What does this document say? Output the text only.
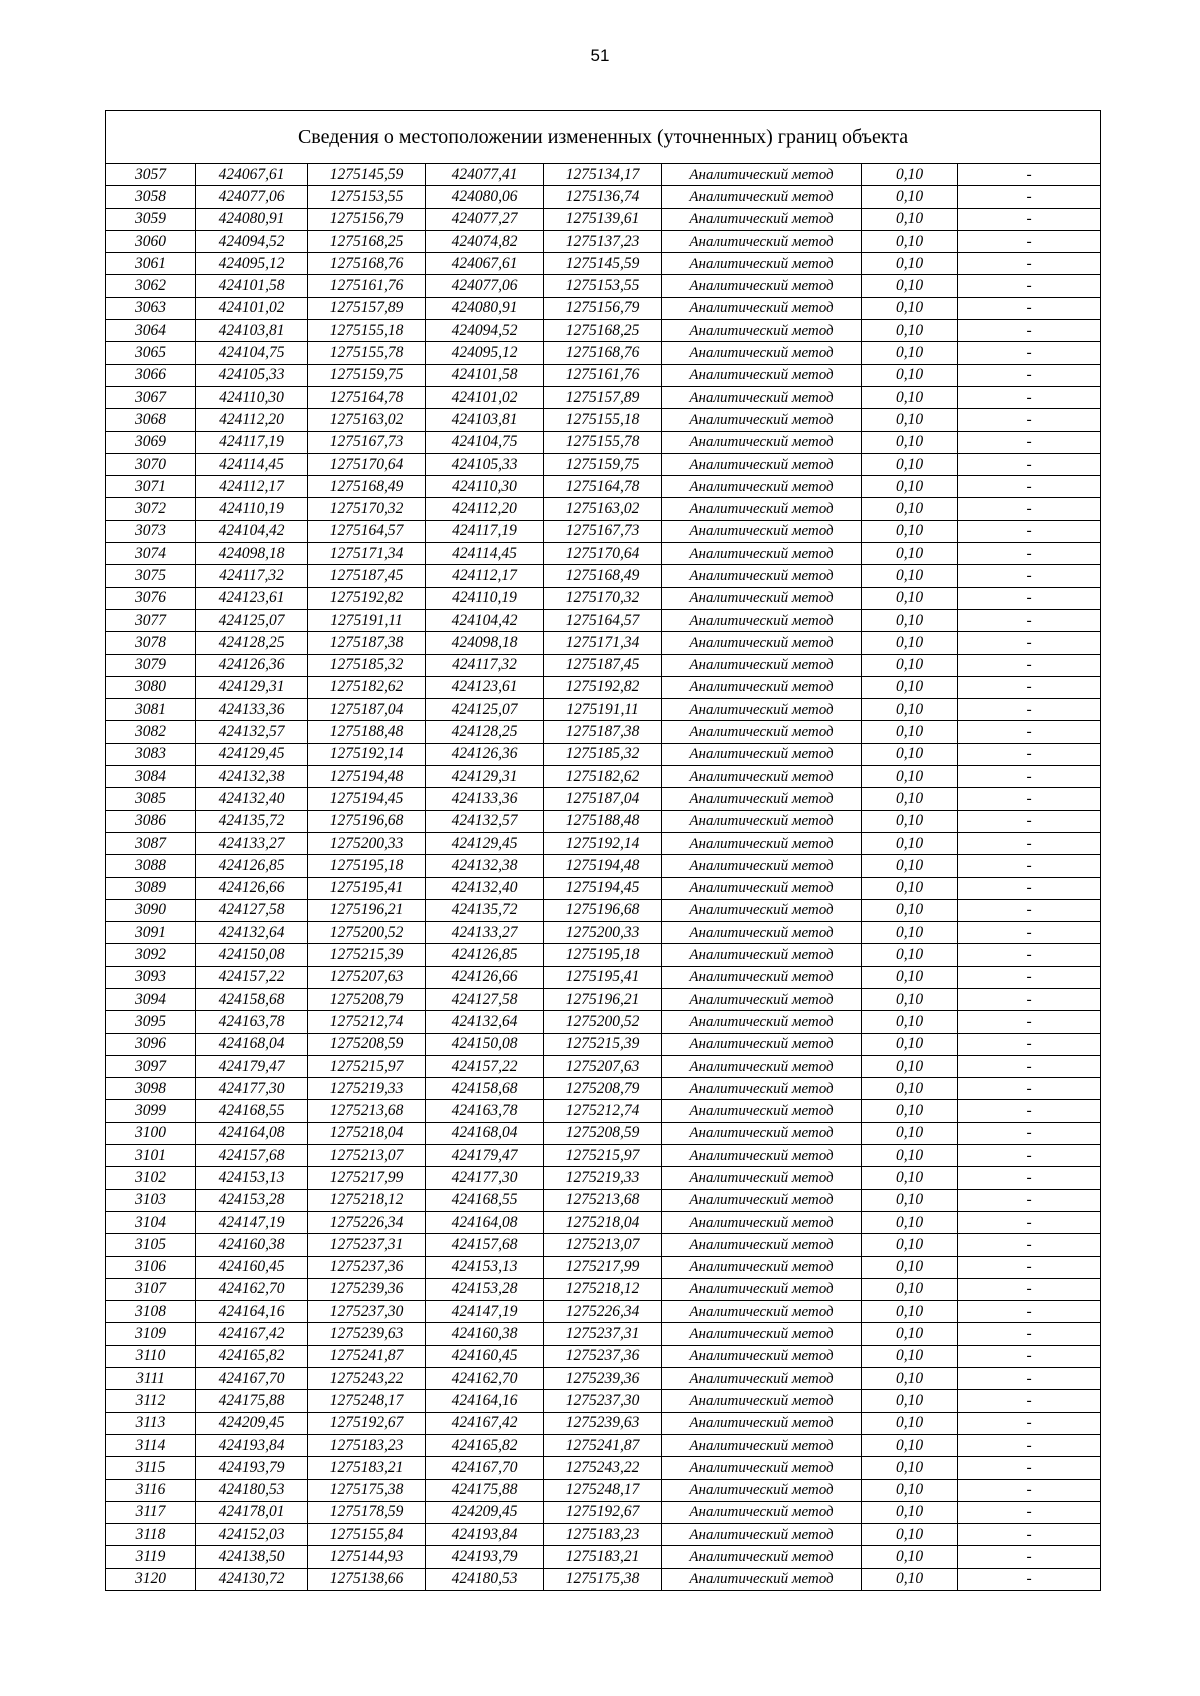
51
Сведения о местоположении измененных (уточненных) границ объекта							
3057	424067,61	1275145,59	424077,41	1275134,17	Аналитический метод	0,10	-
3058	424077,06	1275153,55	424080,06	1275136,74	Аналитический метод	0,10	-
3059	424080,91	1275156,79	424077,27	1275139,61	Аналитический метод	0,10	-
3060	424094,52	1275168,25	424074,82	1275137,23	Аналитический метод	0,10	-
3061	424095,12	1275168,76	424067,61	1275145,59	Аналитический метод	0,10	-
3062	424101,58	1275161,76	424077,06	1275153,55	Аналитический метод	0,10	-
3063	424101,02	1275157,89	424080,91	1275156,79	Аналитический метод	0,10	-
3064	424103,81	1275155,18	424094,52	1275168,25	Аналитический метод	0,10	-
3065	424104,75	1275155,78	424095,12	1275168,76	Аналитический метод	0,10	-
3066	424105,33	1275159,75	424101,58	1275161,76	Аналитический метод	0,10	-
3067	424110,30	1275164,78	424101,02	1275157,89	Аналитический метод	0,10	-
3068	424112,20	1275163,02	424103,81	1275155,18	Аналитический метод	0,10	-
3069	424117,19	1275167,73	424104,75	1275155,78	Аналитический метод	0,10	-
3070	424114,45	1275170,64	424105,33	1275159,75	Аналитический метод	0,10	-
3071	424112,17	1275168,49	424110,30	1275164,78	Аналитический метод	0,10	-
3072	424110,19	1275170,32	424112,20	1275163,02	Аналитический метод	0,10	-
3073	424104,42	1275164,57	424117,19	1275167,73	Аналитический метод	0,10	-
3074	424098,18	1275171,34	424114,45	1275170,64	Аналитический метод	0,10	-
3075	424117,32	1275187,45	424112,17	1275168,49	Аналитический метод	0,10	-
3076	424123,61	1275192,82	424110,19	1275170,32	Аналитический метод	0,10	-
3077	424125,07	1275191,11	424104,42	1275164,57	Аналитический метод	0,10	-
3078	424128,25	1275187,38	424098,18	1275171,34	Аналитический метод	0,10	-
3079	424126,36	1275185,32	424117,32	1275187,45	Аналитический метод	0,10	-
3080	424129,31	1275182,62	424123,61	1275192,82	Аналитический метод	0,10	-
3081	424133,36	1275187,04	424125,07	1275191,11	Аналитический метод	0,10	-
3082	424132,57	1275188,48	424128,25	1275187,38	Аналитический метод	0,10	-
3083	424129,45	1275192,14	424126,36	1275185,32	Аналитический метод	0,10	-
3084	424132,38	1275194,48	424129,31	1275182,62	Аналитический метод	0,10	-
3085	424132,40	1275194,45	424133,36	1275187,04	Аналитический метод	0,10	-
3086	424135,72	1275196,68	424132,57	1275188,48	Аналитический метод	0,10	-
3087	424133,27	1275200,33	424129,45	1275192,14	Аналитический метод	0,10	-
3088	424126,85	1275195,18	424132,38	1275194,48	Аналитический метод	0,10	-
3089	424126,66	1275195,41	424132,40	1275194,45	Аналитический метод	0,10	-
3090	424127,58	1275196,21	424135,72	1275196,68	Аналитический метод	0,10	-
3091	424132,64	1275200,52	424133,27	1275200,33	Аналитический метод	0,10	-
3092	424150,08	1275215,39	424126,85	1275195,18	Аналитический метод	0,10	-
3093	424157,22	1275207,63	424126,66	1275195,41	Аналитический метод	0,10	-
3094	424158,68	1275208,79	424127,58	1275196,21	Аналитический метод	0,10	-
3095	424163,78	1275212,74	424132,64	1275200,52	Аналитический метод	0,10	-
3096	424168,04	1275208,59	424150,08	1275215,39	Аналитический метод	0,10	-
3097	424179,47	1275215,97	424157,22	1275207,63	Аналитический метод	0,10	-
3098	424177,30	1275219,33	424158,68	1275208,79	Аналитический метод	0,10	-
3099	424168,55	1275213,68	424163,78	1275212,74	Аналитический метод	0,10	-
3100	424164,08	1275218,04	424168,04	1275208,59	Аналитический метод	0,10	-
3101	424157,68	1275213,07	424179,47	1275215,97	Аналитический метод	0,10	-
3102	424153,13	1275217,99	424177,30	1275219,33	Аналитический метод	0,10	-
3103	424153,28	1275218,12	424168,55	1275213,68	Аналитический метод	0,10	-
3104	424147,19	1275226,34	424164,08	1275218,04	Аналитический метод	0,10	-
3105	424160,38	1275237,31	424157,68	1275213,07	Аналитический метод	0,10	-
3106	424160,45	1275237,36	424153,13	1275217,99	Аналитический метод	0,10	-
3107	424162,70	1275239,36	424153,28	1275218,12	Аналитический метод	0,10	-
3108	424164,16	1275237,30	424147,19	1275226,34	Аналитический метод	0,10	-
3109	424167,42	1275239,63	424160,38	1275237,31	Аналитический метод	0,10	-
3110	424165,82	1275241,87	424160,45	1275237,36	Аналитический метод	0,10	-
3111	424167,70	1275243,22	424162,70	1275239,36	Аналитический метод	0,10	-
3112	424175,88	1275248,17	424164,16	1275237,30	Аналитический метод	0,10	-
3113	424209,45	1275192,67	424167,42	1275239,63	Аналитический метод	0,10	-
3114	424193,84	1275183,23	424165,82	1275241,87	Аналитический метод	0,10	-
3115	424193,79	1275183,21	424167,70	1275243,22	Аналитический метод	0,10	-
3116	424180,53	1275175,38	424175,88	1275248,17	Аналитический метод	0,10	-
3117	424178,01	1275178,59	424209,45	1275192,67	Аналитический метод	0,10	-
3118	424152,03	1275155,84	424193,84	1275183,23	Аналитический метод	0,10	-
3119	424138,50	1275144,93	424193,79	1275183,21	Аналитический метод	0,10	-
3120	424130,72	1275138,66	424180,53	1275175,38	Аналитический метод	0,10	-
